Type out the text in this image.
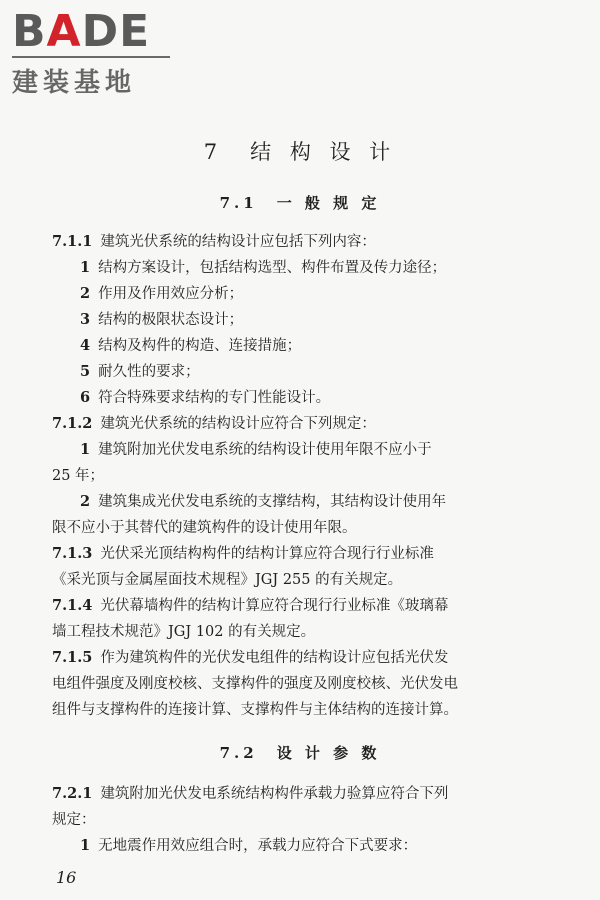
BADE
建装基地
7　结 构 设 计
7.1　一 般 规 定
7.1.1 建筑光伏系统的结构设计应包括下列内容：
1 结构方案设计，包括结构选型、构件布置及传力途径；
2 作用及作用效应分析；
3 结构的极限状态设计；
4 结构及构件的构造、连接措施；
5 耐久性的要求；
6 符合特殊要求结构的专门性能设计。
7.1.2 建筑光伏系统的结构设计应符合下列规定：
1 建筑附加光伏发电系统的结构设计使用年限不应小于
25 年；
2 建筑集成光伏发电系统的支撑结构，其结构设计使用年
限不应小于其替代的建筑构件的设计使用年限。
7.1.3 光伏采光顶结构构件的结构计算应符合现行行业标准
《采光顶与金属屋面技术规程》JGJ 255 的有关规定。
7.1.4 光伏幕墙构件的结构计算应符合现行行业标准《玻璃幕
墙工程技术规范》JGJ 102 的有关规定。
7.1.5 作为建筑构件的光伏发电组件的结构设计应包括光伏发
电组件强度及刚度校核、支撑构件的强度及刚度校核、光伏发电
组件与支撑构件的连接计算、支撑构件与主体结构的连接计算。
7.2　设 计 参 数
7.2.1 建筑附加光伏发电系统结构构件承载力验算应符合下列
规定：
1 无地震作用效应组合时，承载力应符合下式要求：
16
